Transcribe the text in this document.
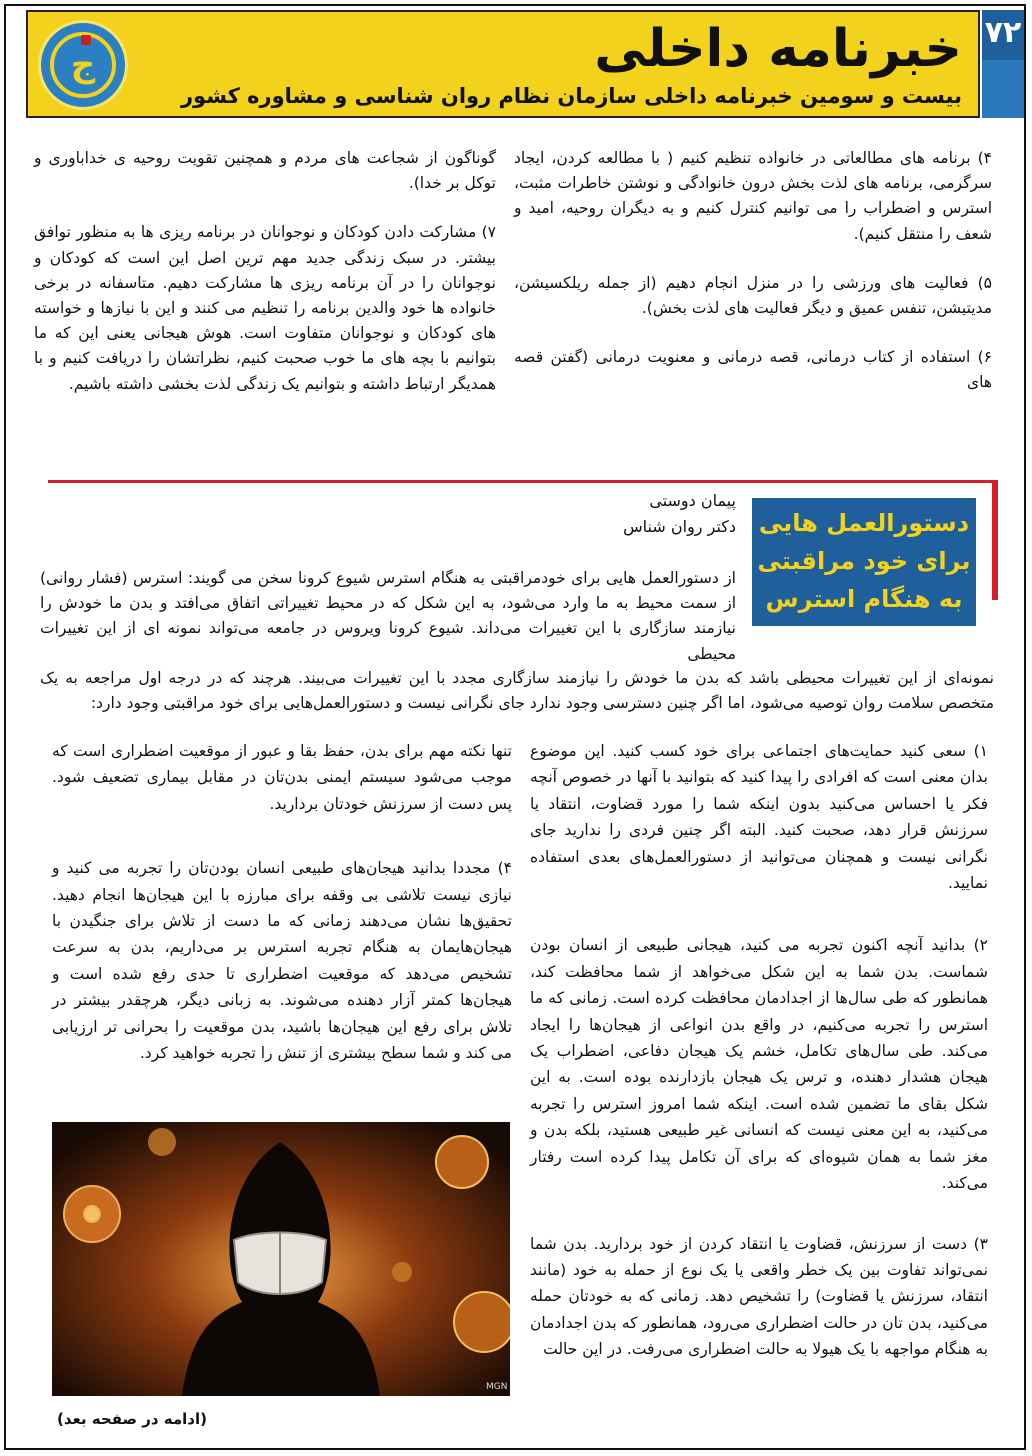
۷۲
خبرنامه داخلی
بیست و سومین خبرنامه داخلی سازمان نظام روان شناسی و مشاوره کشور
ج

۴) برنامه های مطالعاتی در خانواده تنظیم کنیم ( با مطالعه کردن، ایجاد سرگرمی، برنامه های لذت بخش درون خانوادگی و نوشتن خاطرات مثبت، استرس و اضطراب را می توانیم کنترل کنیم و به دیگران روحیه، امید و شعف را منتقل کنیم).

۵) فعالیت های ورزشی را در منزل انجام دهیم (از جمله ریلکسیشن، مدیتیشن، تنفس عمیق و دیگر فعالیت های لذت بخش).

۶) استفاده از کتاب درمانی، قصه درمانی و معنویت درمانی (گفتن قصه های

گوناگون از شجاعت های مردم و همچنین تقویت روحیه ی خداباوری و توکل بر خدا).

۷) مشارکت دادن کودکان و نوجوانان در برنامه ریزی ها به منظور توافق بیشتر. در سبک زندگی جدید مهم ترین اصل این است که کودکان و نوجوانان را در آن برنامه ریزی ها مشارکت دهیم. متاسفانه در برخی خانواده ها خود والدین برنامه را تنظیم می کنند و این با نیازها و خواسته های کودکان و نوجوانان متفاوت است. هوش هیجانی یعنی این که ما بتوانیم با بچه های ما خوب صحبت کنیم، نظراتشان را دریافت کنیم و با همدیگر ارتباط داشته و بتوانیم یک زندگی لذت بخشی داشته باشیم.

دستورالعمل هایی
برای خود مراقبتی
به هنگام استرس
پیمان دوستی
دکتر روان شناس

از دستورالعمل هایی برای خودمراقبتی به هنگام استرس شیوع کرونا سخن می گویند: استرس (فشار روانی) از سمت محیط به ما وارد می‌شود، به این شکل که در محیط تغییراتی اتفاق می‌افتد و بدن ما خودش را نیازمند سازگاری با این تغییرات می‌داند. شیوع کرونا ویروس در جامعه می‌تواند نمونه ای از این تغییرات محیطی

نمونه‌ای از این تغییرات محیطی باشد که بدن ما خودش را نیازمند سازگاری مجدد با این تغییرات می‌بیند. هرچند که در درجه اول مراجعه به یک متخصص سلامت روان توصیه می‌شود، اما اگر چنین دسترسی وجود ندارد جای نگرانی نیست و دستورالعمل‌هایی برای خود مراقبتی وجود دارد:

۱) سعی کنید حمایت‌های اجتماعی برای خود کسب کنید. این موضوع بدان معنی است که افرادی را پیدا کنید که بتوانید با آنها در خصوص آنچه فکر یا احساس می‌کنید بدون اینکه شما را مورد قضاوت، انتقاد یا سرزنش قرار دهد، صحبت کنید. البته اگر چنین فردی را ندارید جای نگرانی نیست و همچنان می‌توانید از دستورالعمل‌های بعدی استفاده نمایید.

۲) بدانید آنچه اکنون تجربه می کنید، هیجانی طبیعی از انسان بودن شماست. بدن شما به این شکل می‌خواهد از شما محافظت کند، همانطور که طی سال‌ها از اجدادمان محافظت کرده است. زمانی که ما استرس را تجربه می‌کنیم، در واقع بدن انواعی از هیجان‌ها را ایجاد می‌کند. طی سال‌های تکامل، خشم یک هیجان دفاعی، اضطراب یک هیجان هشدار دهنده، و ترس یک هیجان بازدارنده بوده است. به این شکل بقای ما تضمین شده است. اینکه شما امروز استرس را تجربه می‌کنید، به این معنی نیست که انسانی غیر طبیعی هستید، بلکه بدن و مغز شما به همان شیوه‌ای که برای آن تکامل پیدا کرده است رفتار می‌کند.

۳) دست از سرزنش، قضاوت یا انتقاد کردن از خود بردارید. بدن شما نمی‌تواند تفاوت بین یک خطر واقعی یا یک نوع از حمله به خود (مانند انتقاد، سرزنش یا قضاوت) را تشخیص دهد. زمانی که به خودتان حمله می‌کنید، بدن تان در حالت اضطراری می‌رود، همانطور که بدن اجدادمان به هنگام مواجهه با یک هیولا به حالت اضطراری می‌رفت. در این حالت

تنها نکته مهم برای بدن، حفظ بقا و عبور از موقعیت اضطراری است که موجب می‌شود سیستم ایمنی بدن‌تان در مقابل بیماری تضعیف شود. پس دست از سرزنش خودتان بردارید.

۴) مجددا بدانید هیجان‌های طبیعی انسان بودن‌تان را تجربه می کنید و نیازی نیست تلاشی بی وقفه برای مبارزه با این هیجان‌ها انجام دهید. تحقیق‌ها نشان می‌دهند زمانی که ما دست از تلاش برای جنگیدن با هیجان‌هایمان به هنگام تجربه استرس بر می‌داریم، بدن به سرعت تشخیص می‌دهد که موقعیت اضطراری تا حدی رفع شده است و هیجان‌ها کمتر آزار دهنده می‌شوند. به زبانی دیگر، هرچقدر بیشتر در تلاش برای رفع این هیجان‌ها باشید، بدن موقعیت را بحرانی تر ارزیابی می کند و شما سطح بیشتری از تنش را تجربه خواهید کرد.

MGN
(ادامه در صفحه بعد)
